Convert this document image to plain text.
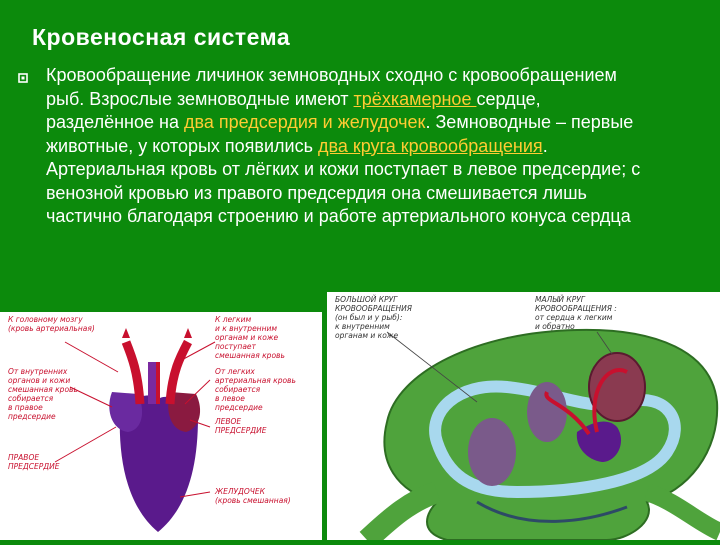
Кровеносная система
Кровообращение личинок земноводных сходно с кровообращением рыб. Взрослые земноводные имеют трёхкамерное сердце, разделённое на два предсердия и желудочек. Земноводные – первые животные, у которых появились два круга кровообращения. Артериальная кровь от лёгких и кожи поступает в левое предсердие; с венозной кровью из правого предсердия она смешивается лишь частично благодаря строению и работе артериального конуса сердца
К головному мозгу
(кровь артериальная)
К легким
и к внутренним
органам и коже
поступает
смешанная кровь
От внутренних
органов и кожи
смешанная кровь
собирается
в правое
предсердие
От легких
артериальная кровь
собирается
в левое
предсердие
ЛЕВОЕ
ПРЕДСЕРДИЕ
ПРАВОЕ
ПРЕДСЕРДИЕ
ЖЕЛУДОЧЕК
(кровь смешанная)
БОЛЬШОЙ КРУГ
КРОВООБРАЩЕНИЯ
(он был и у рыб):
к внутренним
органам и коже
МАЛЫЙ КРУГ
КРОВООБРАЩЕНИЯ :
от сердца к легким
и обратно
